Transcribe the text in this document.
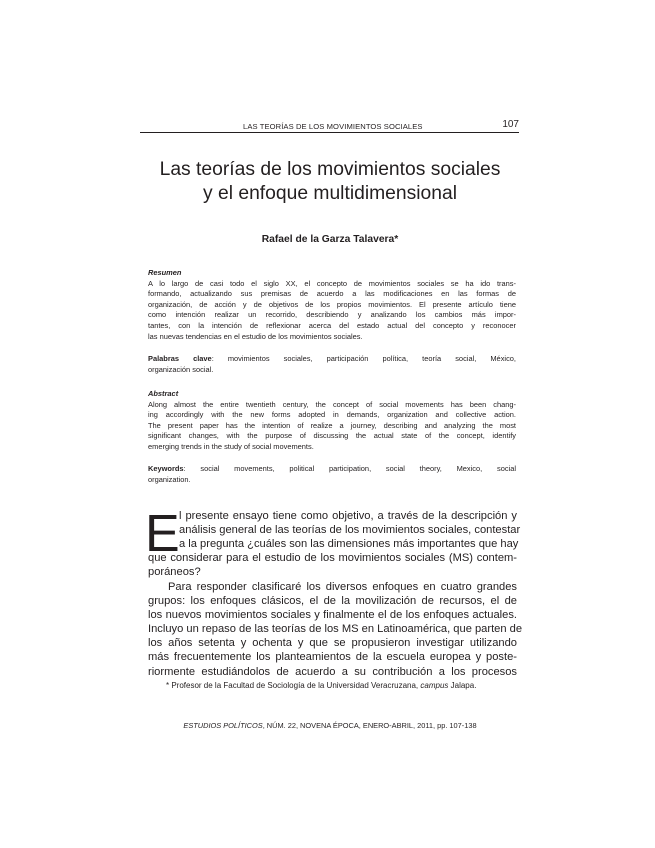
LAS TEORÍAS DE LOS MOVIMIENTOS SOCIALES	107
Las teorías de los movimientos sociales
y el enfoque multidimensional
Rafael de la Garza Talavera*
Resumen
A lo largo de casi todo el siglo XX, el concepto de movimientos sociales se ha ido trans-
formando, actualizando sus premisas de acuerdo a las modificaciones en las formas de
organización, de acción y de objetivos de los propios movimientos. El presente artículo tiene
como intención realizar un recorrido, describiendo y analizando los cambios más impor-
tantes, con la intención de reflexionar acerca del estado actual del concepto y reconocer
las nuevas tendencias en el estudio de los movimientos sociales.
Palabras clave: movimientos sociales, participación política, teoría social, México,
organización social.
Abstract
Along almost the entire twentieth century, the concept of social movements has been chang-
ing accordingly with the new forms adopted in demands, organization and collective action.
The present paper has the intention of realize a journey, describing and analyzing the most
significant changes, with the purpose of discussing the actual state of the concept, identify
emerging trends in the study of social movements.
Keywords: social movements, political participation, social theory, Mexico, social
organization.
E l presente ensayo tiene como objetivo, a través de la descripción y
análisis general de las teorías de los movimientos sociales, contestar
a la pregunta ¿cuáles son las dimensiones más importantes que hay
que considerar para el estudio de los movimientos sociales (MS) contem-
poráneos?
Para responder clasificaré los diversos enfoques en cuatro grandes
grupos: los enfoques clásicos, el de la movilización de recursos, el de
los nuevos movimientos sociales y finalmente el de los enfoques actuales.
Incluyo un repaso de las teorías de los MS en Latinoamérica, que parten de
los años setenta y ochenta y que se propusieron investigar utilizando
más frecuentemente los planteamientos de la escuela europea y poste-
riormente estudiándolos de acuerdo a su contribución a los procesos
* Profesor de la Facultad de Sociología de la Universidad Veracruzana, campus Jalapa.
ESTUDIOS POLÍTICOS, NÚM. 22, NOVENA ÉPOCA, ENERO-ABRIL, 2011, pp. 107-138
